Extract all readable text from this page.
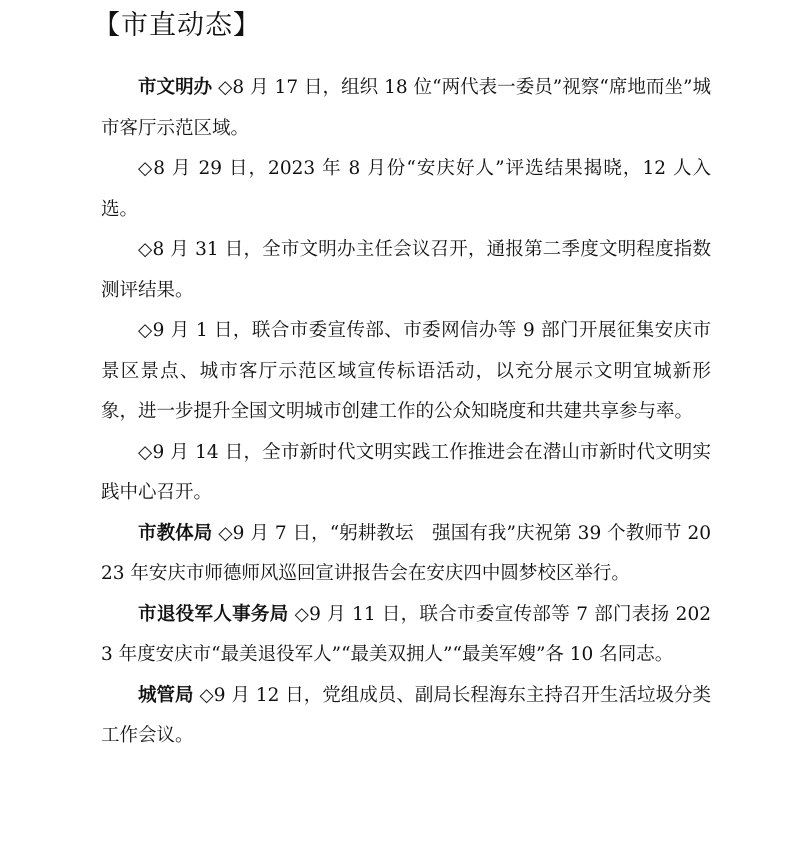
【市直动态】

市文明办 ◇8 月 17 日，组织 18 位“两代表一委员”视察“席地而坐”城市客厅示范区域。

◇8 月 29 日，2023 年 8 月份“安庆好人”评选结果揭晓，12 人入选。

◇8 月 31 日，全市文明办主任会议召开，通报第二季度文明程度指数测评结果。

◇9 月 1 日，联合市委宣传部、市委网信办等 9 部门开展征集安庆市景区景点、城市客厅示范区域宣传标语活动，以充分展示文明宜城新形象，进一步提升全国文明城市创建工作的公众知晓度和共建共享参与率。

◇9 月 14 日，全市新时代文明实践工作推进会在潜山市新时代文明实践中心召开。

市教体局 ◇9 月 7 日，“躬耕教坛　强国有我”庆祝第 39 个教师节 2023 年安庆市师德师风巡回宣讲报告会在安庆四中圆梦校区举行。

市退役军人事务局 ◇9 月 11 日，联合市委宣传部等 7 部门表扬 2023 年度安庆市“最美退役军人”“最美双拥人”“最美军嫂”各 10 名同志。

城管局 ◇9 月 12 日，党组成员、副局长程海东主持召开生活垃圾分类工作会议。
